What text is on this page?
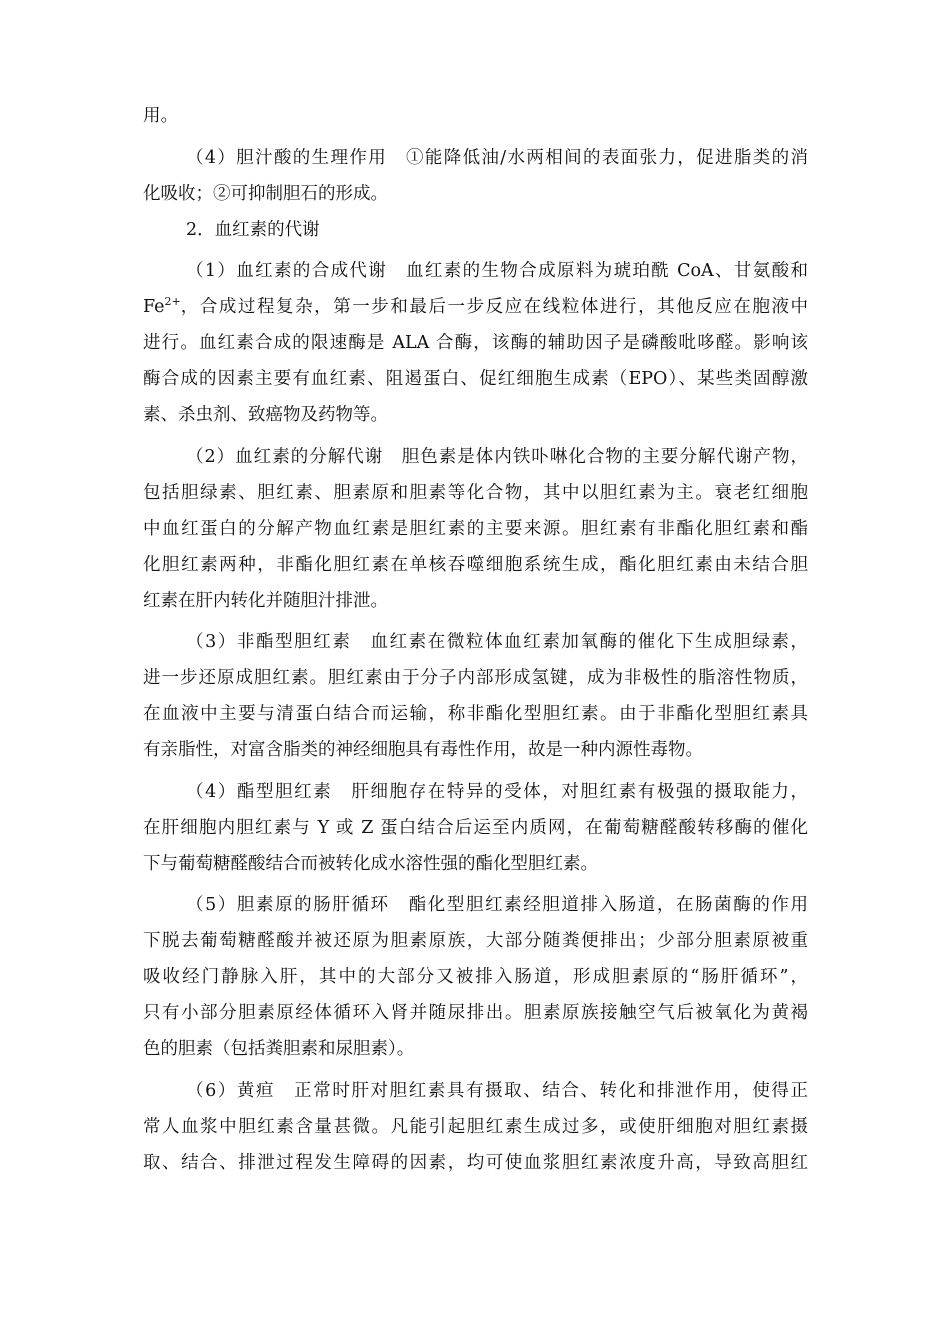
用。
（4）胆汁酸的生理作用　①能降低油/水两相间的表面张力，促进脂类的消
化吸收；②可抑制胆石的形成。
2．血红素的代谢
（1）血红素的合成代谢　血红素的生物合成原料为琥珀酰 CoA、甘氨酸和
$Fe^{2+}$ ，合成过程复杂，第一步和最后一步反应在线粒体进行，其他反应在胞液中
进行。血红素合成的限速酶是 ALA 合酶，该酶的辅助因子是磷酸吡哆醛。影响该
酶合成的因素主要有血红素、阻遏蛋白、促红细胞生成素（EPO）、某些类固醇激
素、杀虫剂、致癌物及药物等。
（2）血红素的分解代谢　胆色素是体内铁卟啉化合物的主要分解代谢产物，
包括胆绿素、胆红素、胆素原和胆素等化合物，其中以胆红素为主。衰老红细胞
中血红蛋白的分解产物血红素是胆红素的主要来源。胆红素有非酯化胆红素和酯
化胆红素两种，非酯化胆红素在单核吞噬细胞系统生成，酯化胆红素由未结合胆
红素在肝内转化并随胆汁排泄。
（3）非酯型胆红素　血红素在微粒体血红素加氧酶的催化下生成胆绿素，
进一步还原成胆红素。胆红素由于分子内部形成氢键，成为非极性的脂溶性物质，
在血液中主要与清蛋白结合而运输，称非酯化型胆红素。由于非酯化型胆红素具
有亲脂性，对富含脂类的神经细胞具有毒性作用，故是一种内源性毒物。
（4）酯型胆红素　肝细胞存在特异的受体，对胆红素有极强的摄取能力，
在肝细胞内胆红素与 Y 或 Z 蛋白结合后运至内质网，在葡萄糖醛酸转移酶的催化
下与葡萄糖醛酸结合而被转化成水溶性强的酯化型胆红素。
（5）胆素原的肠肝循环　酯化型胆红素经胆道排入肠道，在肠菌酶的作用
下脱去葡萄糖醛酸并被还原为胆素原族，大部分随粪便排出；少部分胆素原被重
吸收经门静脉入肝，其中的大部分又被排入肠道，形成胆素原的“肠肝循环”，
只有小部分胆素原经体循环入肾并随尿排出。胆素原族接触空气后被氧化为黄褐
色的胆素（包括粪胆素和尿胆素）。
（6）黄疸　正常时肝对胆红素具有摄取、结合、转化和排泄作用，使得正
常人血浆中胆红素含量甚微。凡能引起胆红素生成过多，或使肝细胞对胆红素摄
取、结合、排泄过程发生障碍的因素，均可使血浆胆红素浓度升高，导致高胆红
